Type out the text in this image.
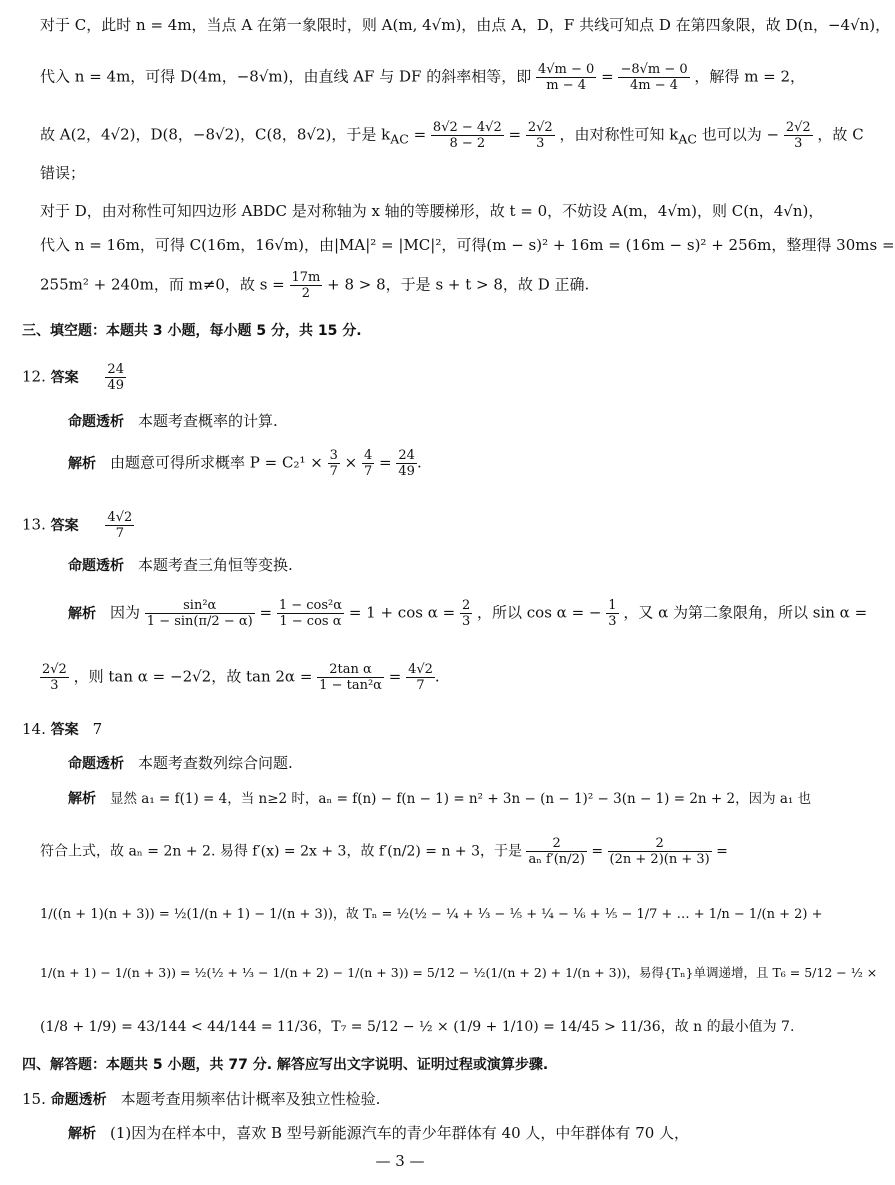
对于 C，此时 n = 4m，当点 A 在第一象限时，则 A(m, 4√m)，由点 A，D，F 共线可知点 D 在第四象限，故 D(n，−4√n)，
代入 n = 4m，可得 D(4m，−8√m)，由直线 AF 与 DF 的斜率相等，即 $\frac{4√m - 0}{m - 4} = \frac{-8√m - 0}{4m - 4}$ ，解得 m = 2，
故 A(2，4√2)，D(8，−8√2)，C(8，8√2)，于是 $k_{AC} = \frac{8√2 - 4√2}{8 - 2} = \frac{2√2}{3}$ ，由对称性可知 $k_{AC}$ 也可以为 − $\frac{2√2}{3}$ ，故 C
错误；
对于 D，由对称性可知四边形 ABDC 是对称轴为 x 轴的等腰梯形，故 t = 0，不妨设 A(m，4√m)，则 C(n，4√n)，
代入 n = 16m，可得 C(16m，16√m)，由|MA|² = |MC|²，可得(m − s)² + 16m = (16m − s)² + 256m，整理得 30ms =
255m² + 240m，而 m≠0，故 $s = \frac{17m}{2} + 8 > 8$，于是 s + t > 8，故 D 正确.
三、填空题：本题共 3 小题，每小题 5 分，共 15 分.
12. 答案 $\frac{24}{49}$
命题透析 本题考查概率的计算.
解析 由题意可得所求概率 $P = C_2^1 \times \frac{3}{7} \times \frac{4}{7} = \frac{24}{49}$ .
13. 答案 $\frac{4√2}{7}$
命题透析 本题考查三角恒等变换.
解析 因为 $\frac{\text{sin²α}}{1 - \sin(\pi/2 - \alpha)} = \frac{\text{1 − cos²α}}{\text{1 − cos α}} = 1 + \cos \alpha = \frac{2}{3}$ ，所以 cos α = − $\frac{1}{3}$ ，又 α 为第二象限角，所以 sin α =
$\frac{2√2}{3}$ ，则 tan α = −2√2，故 $\tan 2\alpha = \frac{\text{2tan α}}{\text{1 − tan²α}} = \frac{4√2}{7}$ .
14. 答案 7
命题透析 本题考查数列综合问题.
解析 显然 a₁ = f(1) = 4，当 n≥2 时，aₙ = f(n) − f(n − 1) = n² + 3n − (n − 1)² − 3(n − 1) = 2n + 2，因为 a₁ 也
符合上式，故 aₙ = 2n + 2. 易得 f′(x) = 2x + 3，故 f′(n/2) = n + 3，于是 $\frac{2}{\text{aₙ f′(n/2)}} = \frac{2}{(2n + 2)(n + 3)}$ =
1/((n + 1)(n + 3)) = ½(1/(n + 1) − 1/(n + 3))，故 Tₙ = ½(½ − ¼ + ⅓ − ⅕ + ¼ − ⅙ + ⅕ − 1/7 + … + 1/n − 1/(n + 2) +
1/(n + 1) − 1/(n + 3)) = ½(½ + ⅓ − 1/(n + 2) − 1/(n + 3)) = 5/12 − ½(1/(n + 2) + 1/(n + 3))，易得{Tₙ}单调递增，且 T₆ = 5/12 − ½ ×
(1/8 + 1/9) = 43/144 < 44/144 = 11/36，T₇ = 5/12 − ½ × (1/9 + 1/10) = 14/45 > 11/36，故 n 的最小值为 7.
四、解答题：本题共 5 小题，共 77 分. 解答应写出文字说明、证明过程或演算步骤.
15. 命题透析 本题考查用频率估计概率及独立性检验.
解析 (1)因为在样本中，喜欢 B 型号新能源汽车的青少年群体有 40 人，中年群体有 70 人，
— 3 —
